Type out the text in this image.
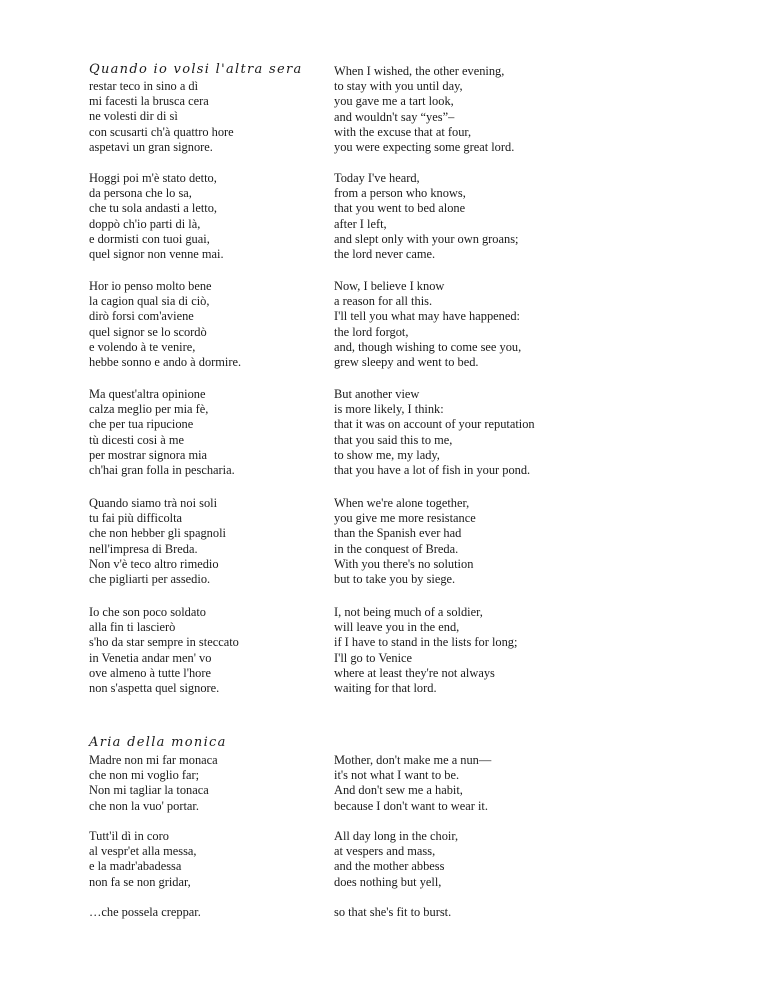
Quando io volsi l'altra sera

restar teco in sino a dì
mi facesti la brusca cera
ne volesti dir di sì
con scusarti ch'à quattro hore
aspetavi un gran signore.

When I wished, the other evening,
to stay with you until day,
you gave me a tart look,
and wouldn't say “yes”–
with the excuse that at four,
you were expecting some great lord.

Hoggi poi m'è stato detto,
da persona che lo sa,
che tu sola andasti a letto,
doppò ch'io parti di là,
e dormisti con tuoi guai,
quel signor non venne mai.

Today I've heard,
from a person who knows,
that you went to bed alone
after I left,
and slept only with your own groans;
the lord never came.

Hor io penso molto bene
la cagion qual sia di ciò,
dirò forsi com'aviene
quel signor se lo scordò
e volendo à te venire,
hebbe sonno e ando à dormire.

Now, I believe I know
a reason for all this.
I'll tell you what may have happened:
the lord forgot,
and, though wishing to come see you,
grew sleepy and went to bed.

Ma quest'altra opinione
calza meglio per mia fè,
che per tua ripucione
tù dicesti cosi à me
per mostrar signora mia
ch'hai gran folla in pescharia.

But another view
is more likely, I think:
that it was on account of your reputation
that you said this to me,
to show me, my lady,
that you have a lot of fish in your pond.

Quando siamo trà noi soli
tu fai più difficolta
che non hebber gli spagnoli
nell'impresa di Breda.
Non v'è teco altro rimedio
che pigliarti per assedio.

When we're alone together,
you give me more resistance
than the Spanish ever had
in the conquest of Breda.
With you there's no solution
but to take you by siege.

Io che son poco soldato
alla fin ti lascierò
s'ho da star sempre in steccato
in Venetia andar men' vo
ove almeno à tutte l'hore
non s'aspetta quel signore.

I, not being much of a soldier,
will leave you in the end,
if I have to stand in the lists for long;
I'll go to Venice
where at least they're not always
waiting for that lord.

Aria della monica

Madre non mi far monaca
che non mi voglio far;
Non mi tagliar la tonaca
che non la vuo' portar.

Mother, don't make me a nun—
it's not what I want to be.
And don't sew me a habit,
because I don't want to wear it.

Tutt'il dì in coro
al vespr'et alla messa,
e la madr'abadessa
non fa se non gridar,

All day long in the choir,
at vespers and mass,
and the mother abbess
does nothing but yell,

…che possela creppar.	so that she's fit to burst.
